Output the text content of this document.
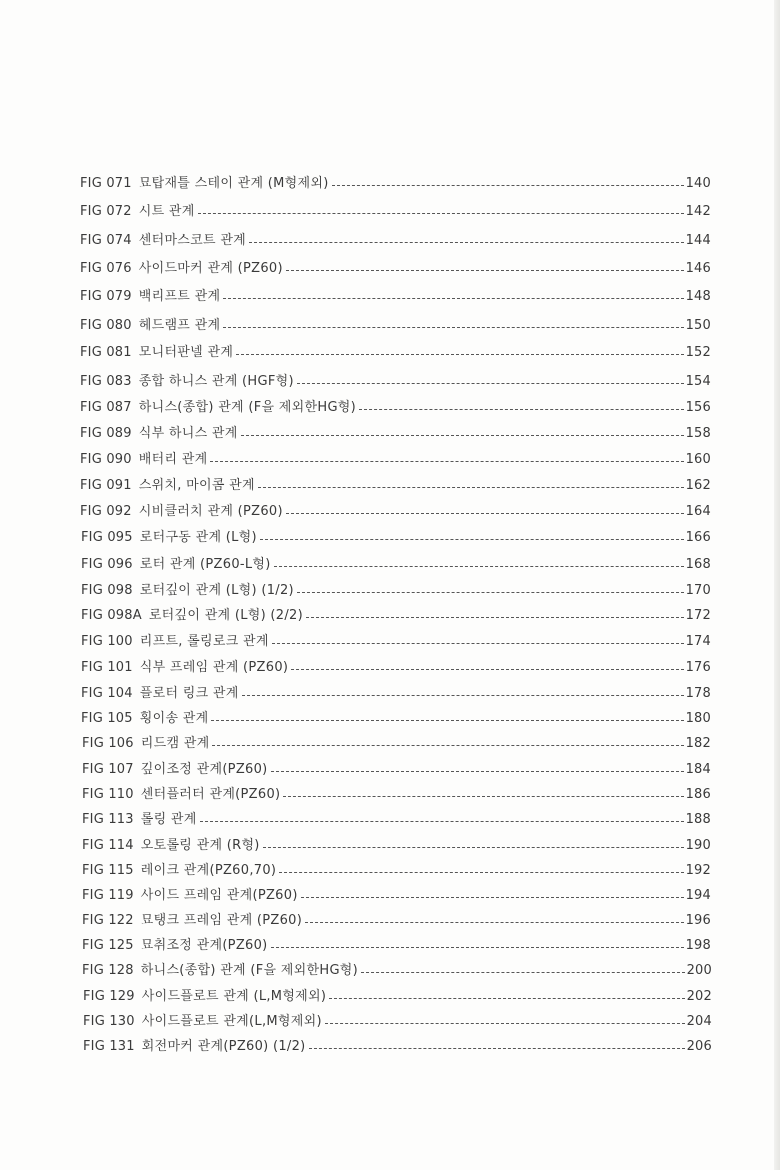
FIG 071 묘탑재틀 스테이 관계 (M형제외)	140
FIG 072 시트 관계	142
FIG 074 센터마스코트 관계	144
FIG 076 사이드마커 관계 (PZ60)	146
FIG 079 백리프트 관계	148
FIG 080 헤드램프 관계	150
FIG 081 모니터판넬 관계	152
FIG 083 종합 하니스 관계 (HGF형)	154
FIG 087 하니스(종합) 관계 (F을 제외한HG형)	156
FIG 089 식부 하니스 관계	158
FIG 090 배터리 관계	160
FIG 091 스위치, 마이콤 관계	162
FIG 092 시비클러치 관계 (PZ60)	164
FIG 095 로터구동 관계 (L형)	166
FIG 096 로터 관계 (PZ60-L형)	168
FIG 098 로터깊이 관계 (L형) (1/2)	170
FIG 098A 로터깊이 관계 (L형) (2/2)	172
FIG 100 리프트, 롤링로크 관계	174
FIG 101 식부 프레임 관계 (PZ60)	176
FIG 104 플로터 링크 관계	178
FIG 105 횡이송 관계	180
FIG 106 리드캠 관계	182
FIG 107 깊이조정 관계(PZ60)	184
FIG 110 센터플러터 관계(PZ60)	186
FIG 113 롤링 관계	188
FIG 114 오토롤링 관계 (R형)	190
FIG 115 레이크 관계(PZ60,70)	192
FIG 119 사이드 프레임 관계(PZ60)	194
FIG 122 묘탱크 프레임 관계 (PZ60)	196
FIG 125 묘취조정 관계(PZ60)	198
FIG 128 하니스(종합) 관계 (F을 제외한HG형)	200
FIG 129 사이드플로트 관계 (L,M형제외)	202
FIG 130 사이드플로트 관계(L,M형제외)	204
FIG 131 회전마커 관계(PZ60) (1/2)	206
